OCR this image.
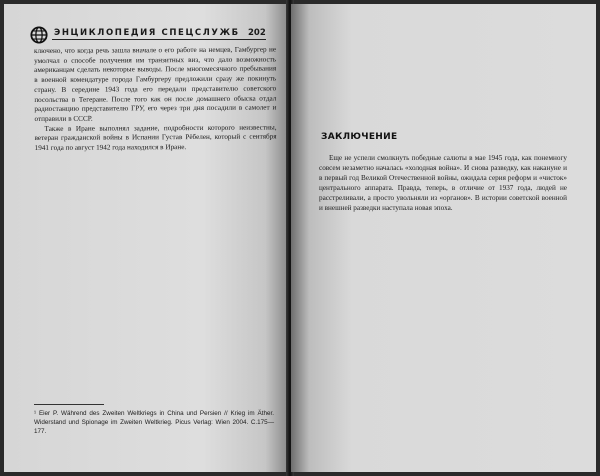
ЭНЦИКЛОПЕДИЯ СПЕЦСЛУЖБ 202

ключено, что когда речь зашла вначале о его работе на немцев, Гамбургер не умолчал о способе получения им транзитных виз, что дало возможность американцам сделать некоторые выводы. После многомесячного пребывания в военной комендатуре города Гамбургеру предложили сразу же покинуть страну. В середине 1943 года его передали представителю советского посольства в Тегеране. После того как он после домашнего обыска отдал радиостанцию представителю ГРУ, его через три дня посадили в самолет и отправили в СССР.

Также в Иране выполнял задание, подробности которого неизвестны, ветеран гражданской войны в Испании Густав Рёбелен, который с сентября 1941 года по август 1942 года находился в Иране.

¹ Eier P. Während des Zweiten Weltkriegs in China und Persien // Krieg im Äther. Widerstand und Spionage im Zweiten Weltkrieg. Picus Verlag: Wien 2004. С.175—177.
ЗАКЛЮЧЕНИЕ

Еще не успели смолкнуть победные салюты в мае 1945 года, как понемногу совсем незаметно началась «холодная война». И снова разведку, как накануне и в первый год Великой Отечественной войны, ожидала серия реформ и «чисток» центрального аппарата. Правда, теперь, в отличие от 1937 года, людей не расстреливали, а просто увольняли из «органов». В истории советской военной и внешней разведки наступала новая эпоха.
